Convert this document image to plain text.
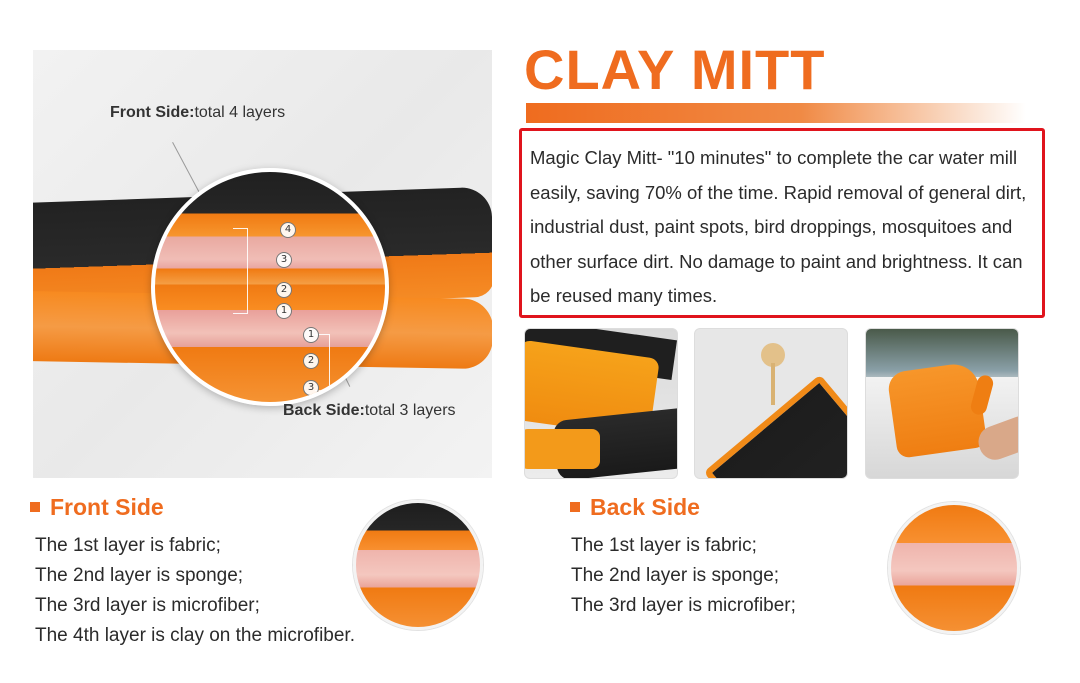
4
3
2
1
1
2
3
Front Side:total 4 layers
Back Side:total 3 layers
CLAY MITT

Magic Clay Mitt- "10 minutes" to complete the car water mill easily, saving 70% of the time. Rapid removal of general dirt, industrial dust, paint spots, bird droppings, mosquitoes and other surface dirt. No damage to paint and brightness. It can be reused many times.

Front Side
The 1st layer is fabric;
The 2nd layer is sponge;
The 3rd layer is microfiber;
The 4th layer is clay on the microfiber.
Back Side
The 1st layer is fabric;
The 2nd layer is sponge;
The 3rd layer is microfiber;
